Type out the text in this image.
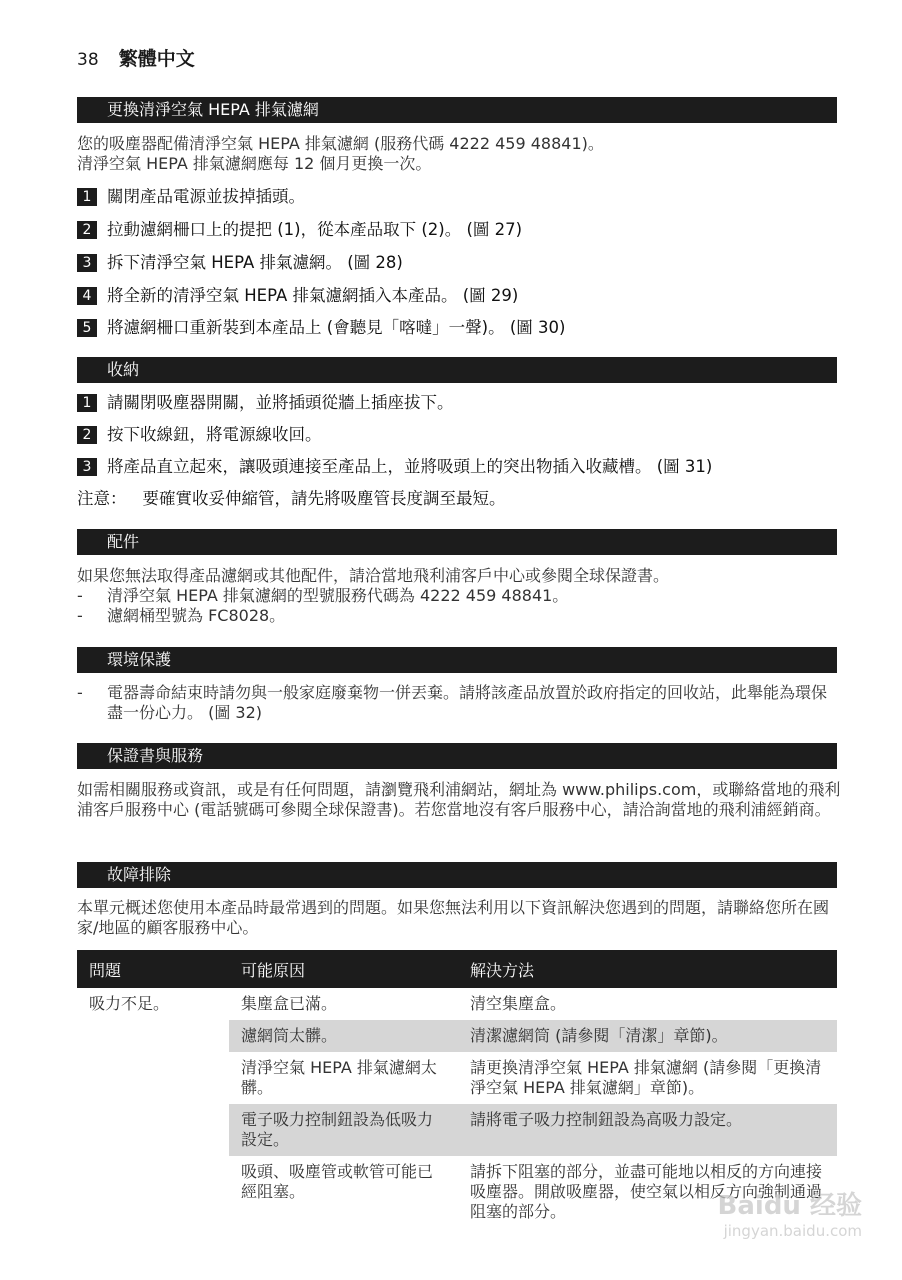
38 繁體中文
更換清淨空氣 HEPA 排氣濾網
您的吸塵器配備清淨空氣 HEPA 排氣濾網 (服務代碼 4222 459 48841)。
清淨空氣 HEPA 排氣濾網應每 12 個月更換一次。
1 關閉產品電源並拔掉插頭。
2 拉動濾網柵口上的提把 (1)，從本產品取下 (2)。 (圖 27)
3 拆下清淨空氣 HEPA 排氣濾網。 (圖 28)
4 將全新的清淨空氣 HEPA 排氣濾網插入本產品。 (圖 29)
5 將濾網柵口重新裝到本產品上 (會聽見「喀噠」一聲)。 (圖 30)
收納
1 請關閉吸塵器開關，並將插頭從牆上插座拔下。
2 按下收線鈕，將電源線收回。
3 將產品直立起來，讓吸頭連接至產品上，並將吸頭上的突出物插入收藏槽。 (圖 31)
注意： 要確實收妥伸縮管，請先將吸塵管長度調至最短。
配件
如果您無法取得產品濾網或其他配件，請洽當地飛利浦客戶中心或參閱全球保證書。
- 清淨空氣 HEPA 排氣濾網的型號服務代碼為 4222 459 48841。
- 濾網桶型號為 FC8028。
環境保護
- 電器壽命結束時請勿與一般家庭廢棄物一併丟棄。請將該產品放置於政府指定的回收站，此舉能為環保盡一份心力。 (圖 32)
保證書與服務
如需相關服務或資訊，或是有任何問題，請瀏覽飛利浦網站，網址為 www.philips.com，或聯絡當地的飛利浦客戶服務中心 (電話號碼可參閱全球保證書)。若您當地沒有客戶服務中心，請洽詢當地的飛利浦經銷商。
故障排除
本單元概述您使用本產品時最常遇到的問題。如果您無法利用以下資訊解決您遇到的問題，請聯絡您所在國家/地區的顧客服務中心。
問題	可能原因	解決方法
吸力不足。	集塵盒已滿。	清空集塵盒。
	濾網筒太髒。	清潔濾網筒 (請參閱「清潔」章節)。
	清淨空氣 HEPA 排氣濾網太髒。	請更換清淨空氣 HEPA 排氣濾網 (請參閱「更換清淨空氣 HEPA 排氣濾網」章節)。
	電子吸力控制鈕設為低吸力設定。	請將電子吸力控制鈕設為高吸力設定。
	吸頭、吸塵管或軟管可能已經阻塞。	請拆下阻塞的部分，並盡可能地以相反的方向連接吸塵器。開啟吸塵器，使空氣以相反方向強制通過阻塞的部分。	Baidu 经验
jingyan.baidu.com
